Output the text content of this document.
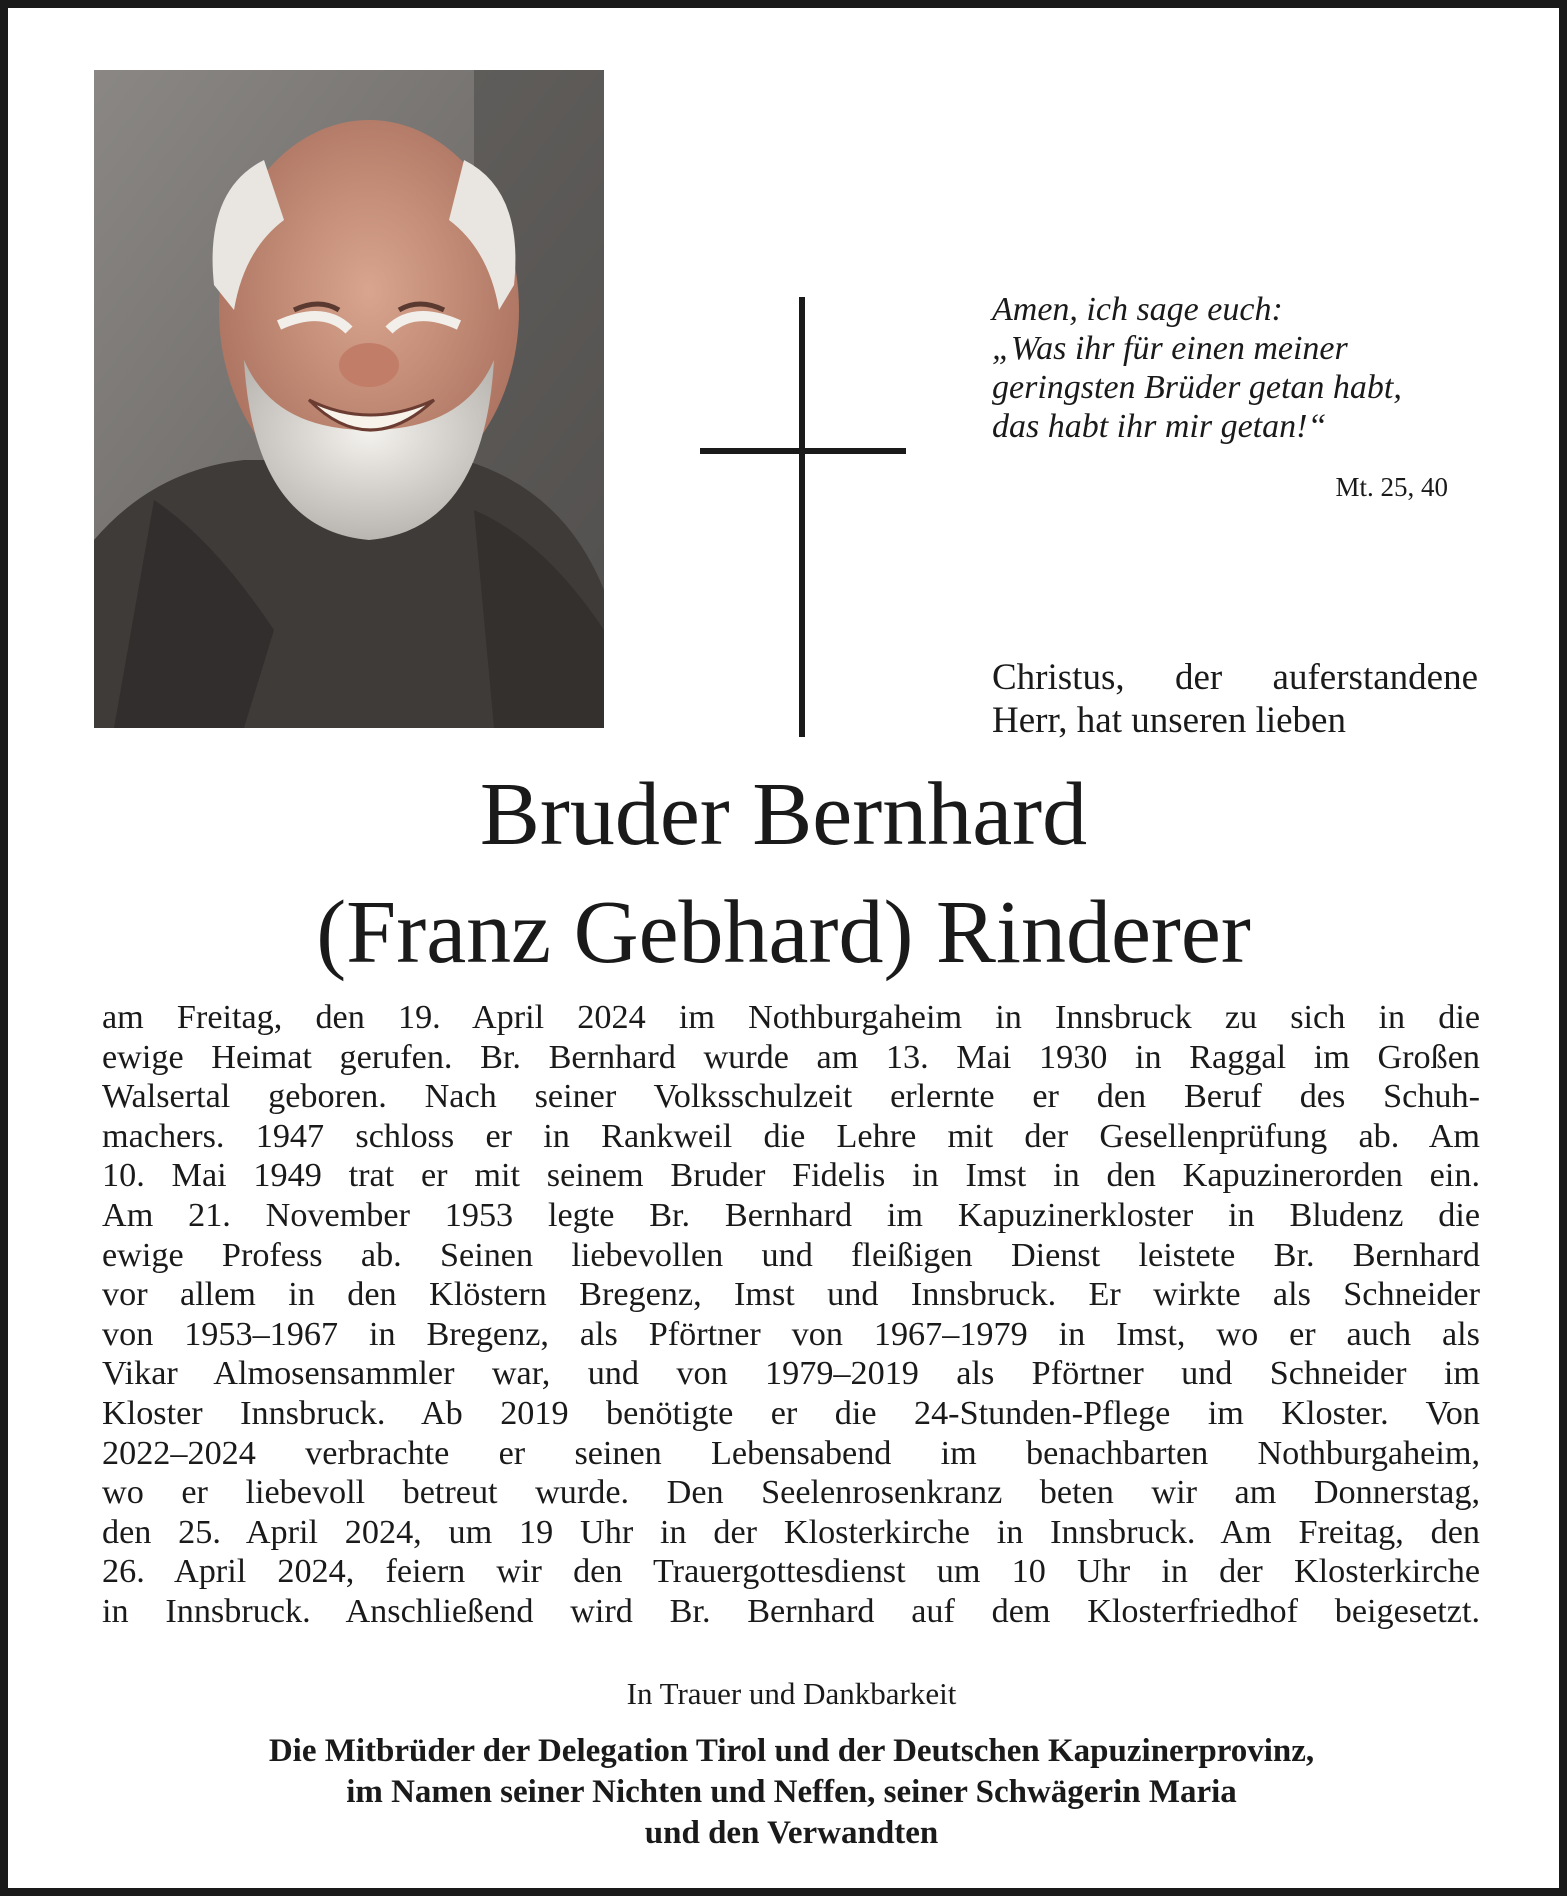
Amen, ich sage euch:
„Was ihr für einen meiner
geringsten Brüder getan habt,
das habt ihr mir getan!“
Mt. 25, 40
Christus, der auferstandene
Herr, hat unseren lieben
Bruder Bernhard
(Franz Gebhard) Rinderer
am Freitag, den 19. April 2024 im Nothburgaheim in Innsbruck zu sich in die
ewige Heimat gerufen. Br. Bernhard wurde am 13. Mai 1930 in Raggal im Großen
Walsertal geboren. Nach seiner Volksschulzeit erlernte er den Beruf des Schuh-
machers. 1947 schloss er in Rankweil die Lehre mit der Gesellenprüfung ab. Am
10. Mai 1949 trat er mit seinem Bruder Fidelis in Imst in den Kapuzinerorden ein.
Am 21. November 1953 legte Br. Bernhard im Kapuzinerkloster in Bludenz die
ewige Profess ab. Seinen liebevollen und fleißigen Dienst leistete Br. Bernhard
vor allem in den Klöstern Bregenz, Imst und Innsbruck. Er wirkte als Schneider
von 1953–1967 in Bregenz, als Pförtner von 1967–1979 in Imst, wo er auch als
Vikar Almosensammler war, und von 1979–2019 als Pförtner und Schneider im
Kloster Innsbruck. Ab 2019 benötigte er die 24-Stunden-Pflege im Kloster. Von
2022–2024 verbrachte er seinen Lebensabend im benachbarten Nothburgaheim,
wo er liebevoll betreut wurde. Den Seelenrosenkranz beten wir am Donnerstag,
den 25. April 2024, um 19 Uhr in der Klosterkirche in Innsbruck. Am Freitag, den
26. April 2024, feiern wir den Trauergottesdienst um 10 Uhr in der Klosterkirche
in Innsbruck. Anschließend wird Br. Bernhard auf dem Klosterfriedhof beigesetzt.
In Trauer und Dankbarkeit
Die Mitbrüder der Delegation Tirol und der Deutschen Kapuzinerprovinz,
im Namen seiner Nichten und Neffen, seiner Schwägerin Maria
und den Verwandten
